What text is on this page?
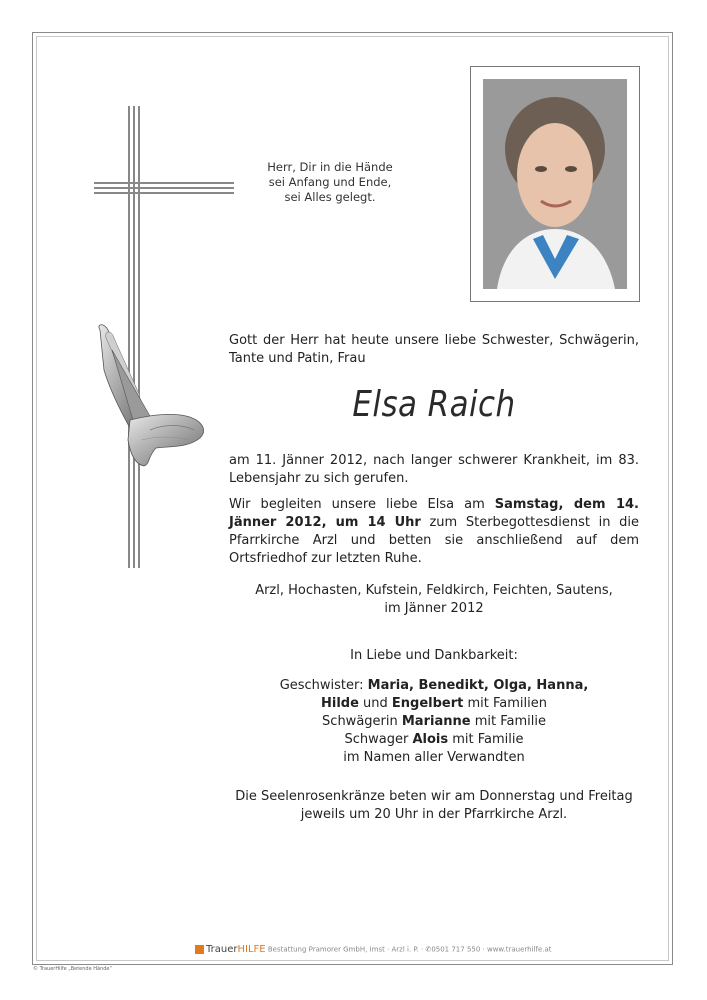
Herr, Dir in die Hände
sei Anfang und Ende,
sei Alles gelegt.
Gott der Herr hat heute unsere liebe Schwester, Schwägerin, Tante und Patin, Frau
Elsa Raich
am 11. Jänner 2012, nach langer schwerer Krankheit, im 83. Lebensjahr zu sich gerufen.
Wir begleiten unsere liebe Elsa am Samstag, dem 14. Jänner 2012, um 14 Uhr zum Sterbegottesdienst in die Pfarrkirche Arzl und betten sie anschließend auf dem Ortsfriedhof zur letzten Ruhe.
Arzl, Hochasten, Kufstein, Feldkirch, Feichten, Sautens,
im Jänner 2012
In Liebe und Dankbarkeit:
Geschwister: Maria, Benedikt, Olga, Hanna,
Hilde und Engelbert mit Familien
Schwägerin Marianne mit Familie
Schwager Alois mit Familie
im Namen aller Verwandten
Die Seelenrosenkränze beten wir am Donnerstag und Freitag
jeweils um 20 Uhr in der Pfarrkirche Arzl.
TrauerHILFE Bestattung Pramorer GmbH, Imst · Arzl i. P. · ✆0501 717 550 · www.trauerhilfe.at
© TrauerHilfe „Betende Hände“
